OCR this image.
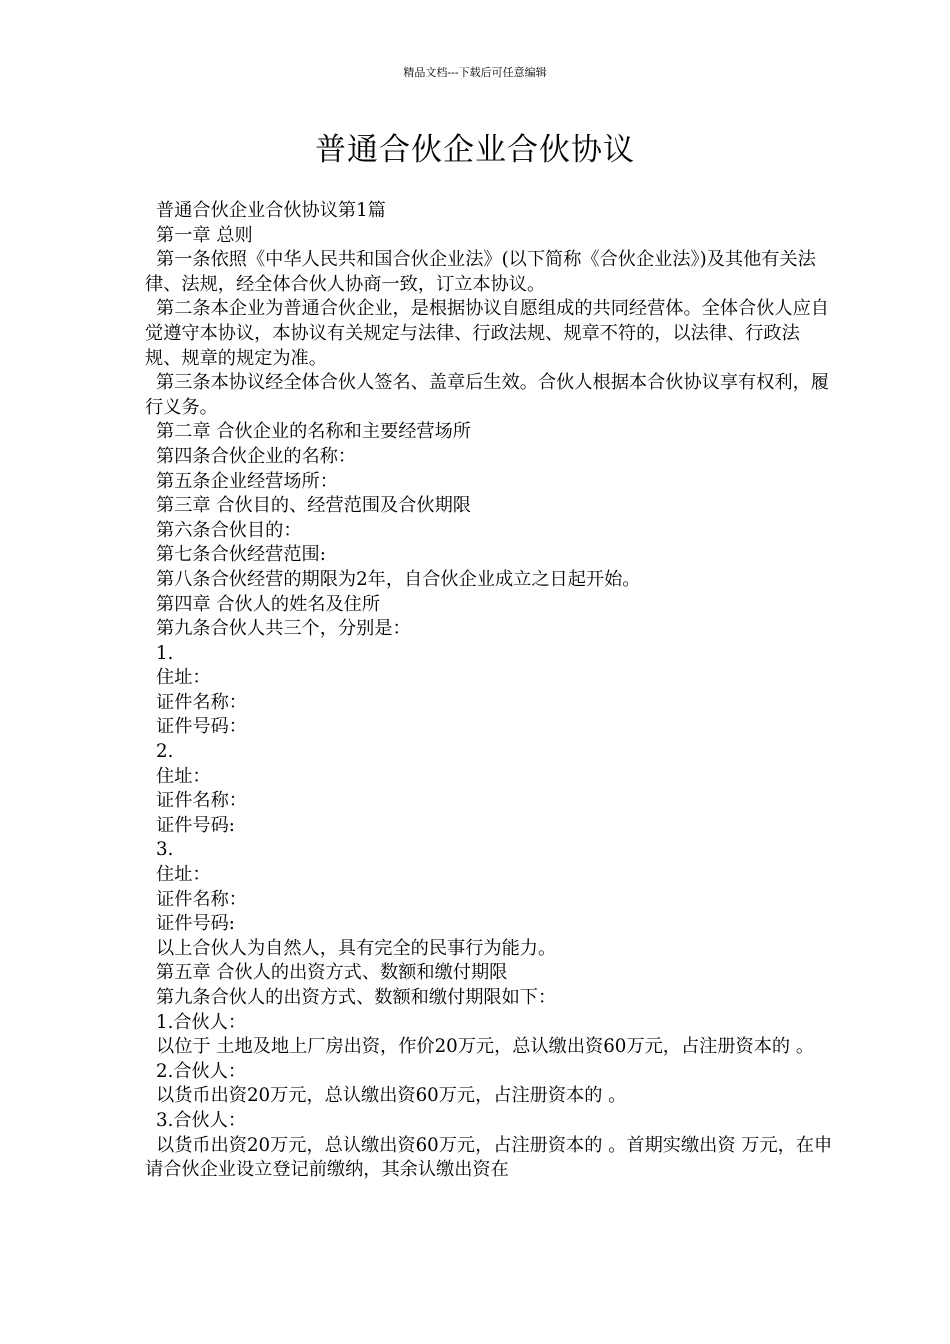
精品文档---下载后可任意编辑
普通合伙企业合伙协议

普通合伙企业合伙协议第1篇

第一章 总则

第一条依照《中华人民共和国合伙企业法》(以下简称《合伙企业法》)及其他有关法律、法规，经全体合伙人协商一致，订立本协议。

第二条本企业为普通合伙企业，是根据协议自愿组成的共同经营体。全体合伙人应自觉遵守本协议，本协议有关规定与法律、行政法规、规章不符的，以法律、行政法规、规章的规定为准。

第三条本协议经全体合伙人签名、盖章后生效。合伙人根据本合伙协议享有权利，履行义务。

第二章 合伙企业的名称和主要经营场所

第四条合伙企业的名称：

第五条企业经营场所：

第三章 合伙目的、经营范围及合伙期限

第六条合伙目的：

第七条合伙经营范围:

第八条合伙经营的期限为2年，自合伙企业成立之日起开始。

第四章 合伙人的姓名及住所

第九条合伙人共三个，分别是：

1.

住址：

证件名称：

证件号码：

2.

住址：

证件名称：

证件号码:

3.

住址：

证件名称：

证件号码:

以上合伙人为自然人，具有完全的民事行为能力。

第五章 合伙人的出资方式、数额和缴付期限

第九条合伙人的出资方式、数额和缴付期限如下：

1.合伙人：

以位于 土地及地上厂房出资，作价20万元，总认缴出资60万元，占注册资本的 。

2.合伙人：

以货币出资20万元，总认缴出资60万元，占注册资本的 。

3.合伙人：

以货币出资20万元，总认缴出资60万元，占注册资本的 。首期实缴出资 万元，在申请合伙企业设立登记前缴纳，其余认缴出资在
